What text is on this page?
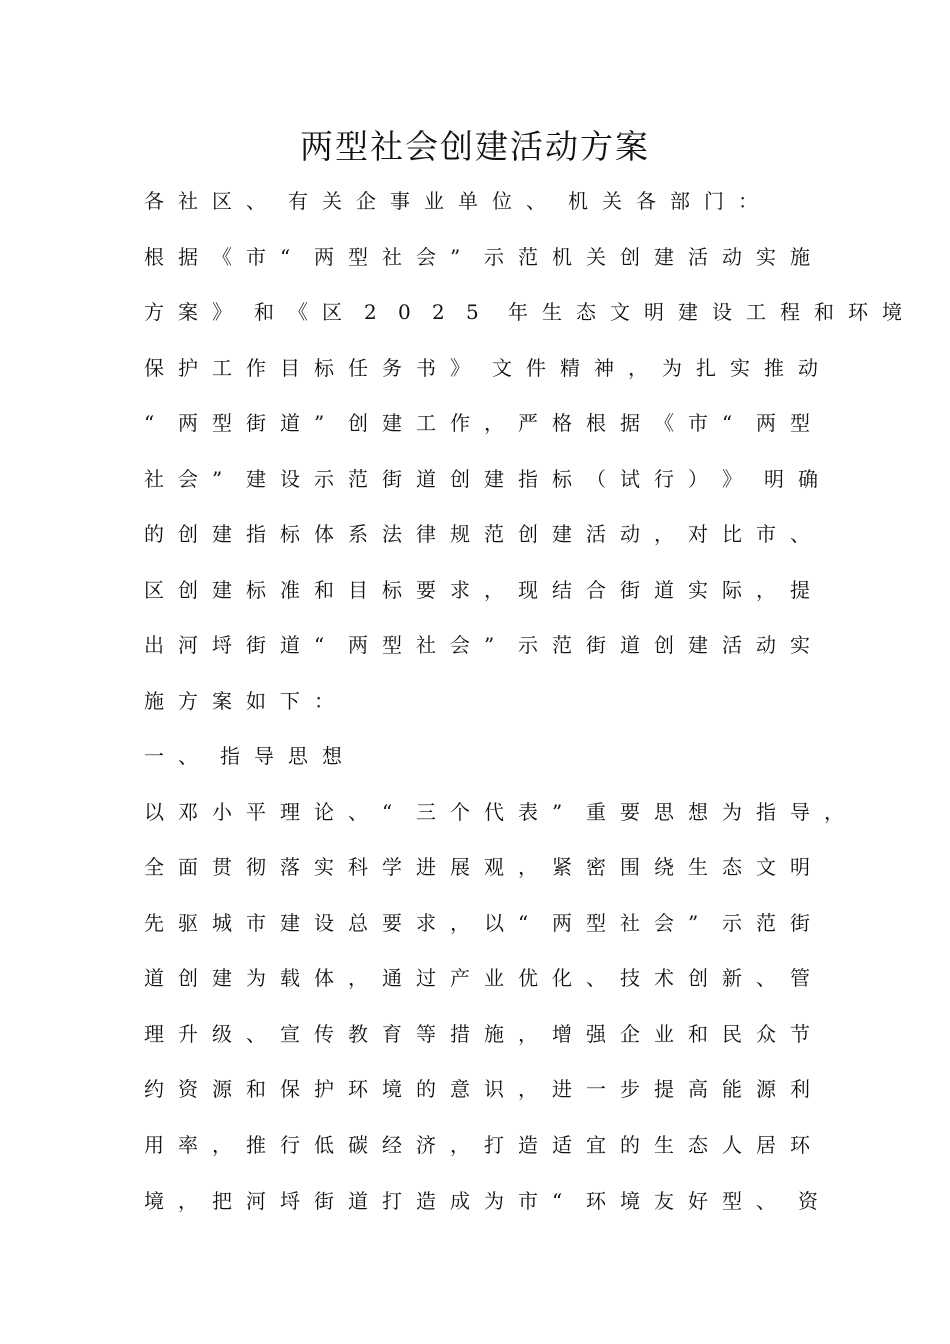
两型社会创建活动方案
各 社 区 、 有 关 企 事 业 单 位 、 机 关 各 部 门 ：
根 据 《 市 “ 两 型 社 会 ” 示 范 机 关 创 建 活 动 实 施
方 案 》 和 《 区 2 0 2 5 年 生 态 文 明 建 设 工 程 和 环 境
保 护 工 作 目 标 任 务 书 》 文 件 精 神 ， 为 扎 实 推 动
“ 两 型 街 道 ” 创 建 工 作 ， 严 格 根 据 《 市 “ 两 型
社 会 ” 建 设 示 范 街 道 创 建 指 标 （ 试 行 ） 》 明 确
的 创 建 指 标 体 系 法 律 规 范 创 建 活 动 ， 对 比 市 、
区 创 建 标 准 和 目 标 要 求 ， 现 结 合 街 道 实 际 ， 提
出 河 埒 街 道 “ 两 型 社 会 ” 示 范 街 道 创 建 活 动 实
施 方 案 如 下 ：
一 、 指 导 思 想
以 邓 小 平 理 论 、 “ 三 个 代 表 ” 重 要 思 想 为 指 导 ，
全 面 贯 彻 落 实 科 学 进 展 观 ， 紧 密 围 绕 生 态 文 明
先 驱 城 市 建 设 总 要 求 ， 以 “ 两 型 社 会 ” 示 范 街
道 创 建 为 载 体 ， 通 过 产 业 优 化 、 技 术 创 新 、 管
理 升 级 、 宣 传 教 育 等 措 施 ， 增 强 企 业 和 民 众 节
约 资 源 和 保 护 环 境 的 意 识 ， 进 一 步 提 高 能 源 利
用 率 ， 推 行 低 碳 经 济 ， 打 造 适 宜 的 生 态 人 居 环
境 ， 把 河 埒 街 道 打 造 成 为 市 “ 环 境 友 好 型 、 资
